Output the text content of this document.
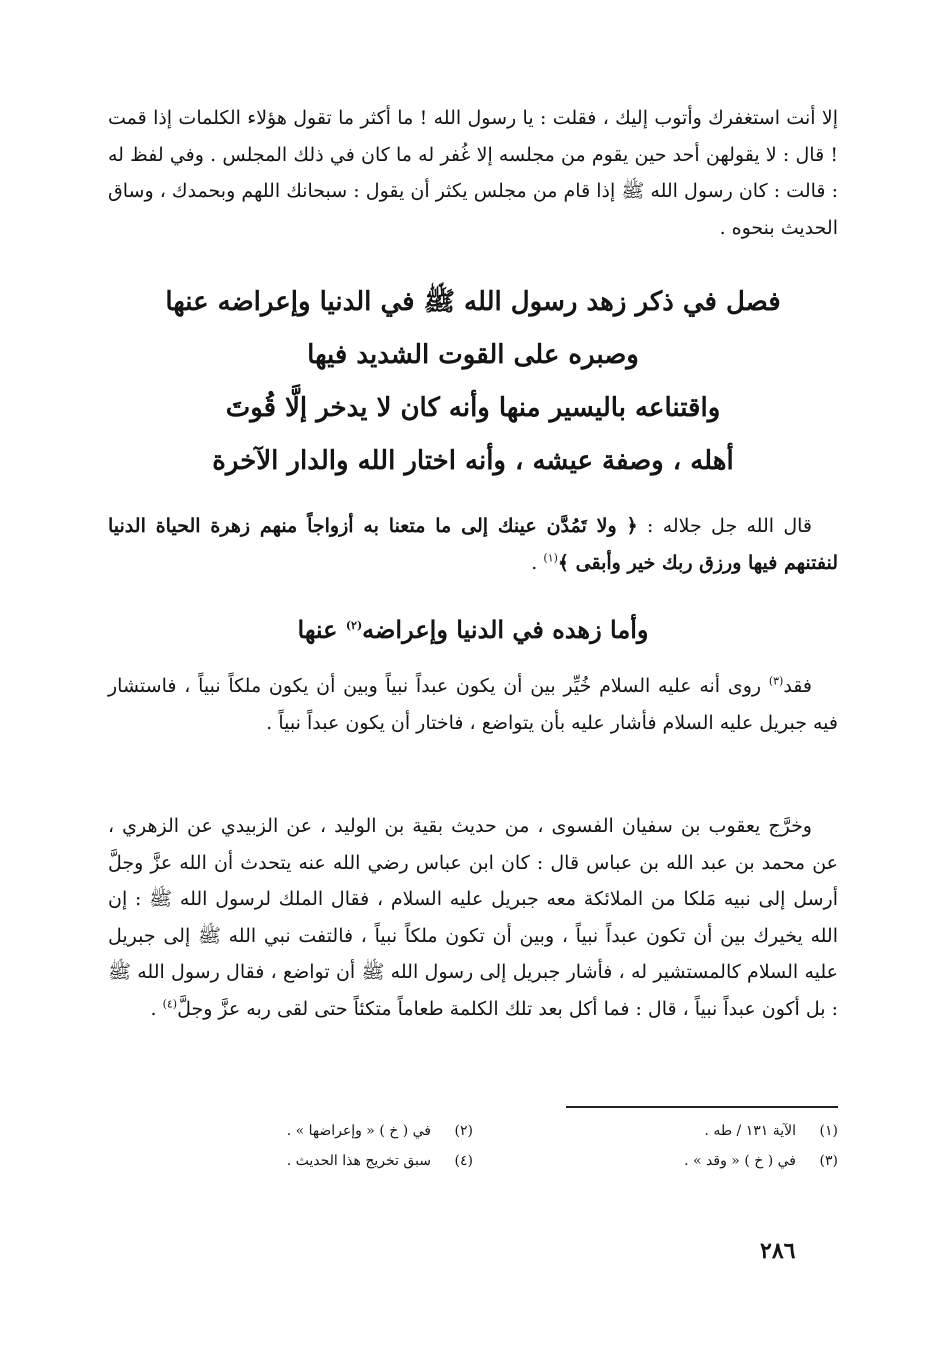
إلا أنت استغفرك وأتوب إليك ، فقلت : يا رسول الله ! ما أكثر ما تقول هؤلاء الكلمات إذا قمت ! قال : لا يقولهن أحد حين يقوم من مجلسه إلا غُفر له ما كان في ذلك المجلس . وفي لفظ له : قالت : كان رسول الله ﷺ إذا قام من مجلس يكثر أن يقول : سبحانك اللهم وبحمدك ، وساق الحديث بنحوه .

فصل في ذكر زهد رسول الله ﷺ في الدنيا وإعراضه عنها
وصبره على القوت الشديد فيها
واقتناعه باليسير منها وأنه كان لا يدخر إلَّا قُوتَ
أهله ، وصفة عيشه ، وأنه اختار الله والدار الآخرة

قال الله جل جلاله : ﴿ ولا تَمُدَّن عينك إلى ما متعنا به أزواجاً منهم زهرة الحياة الدنيا لنفتنهم فيها ورزق ربك خير وأبقى ﴾$^{(١)}$ .

وأما زهده في الدنيا وإعراضه$^{(٢)}$ عنها

فقد$^{(٣)}$ روى أنه عليه السلام خُيِّر بين أن يكون عبداً نبياً وبين أن يكون ملكاً نبياً ، فاستشار فيه جبريل عليه السلام فأشار عليه بأن يتواضع ، فاختار أن يكون عبداً نبياً .

وخرَّج يعقوب بن سفيان الفسوى ، من حديث بقية بن الوليد ، عن الزبيدي عن الزهري ، عن محمد بن عبد الله بن عباس قال : كان ابن عباس رضي الله عنه يتحدث أن الله عزَّ وجلَّ أرسل إلى نبيه مَلكا من الملائكة معه جبريل عليه السلام ، فقال الملك لرسول الله ﷺ : إن الله يخيرك بين أن تكون عبداً نبياً ، وبين أن تكون ملكاً نبياً ، فالتفت نبي الله ﷺ إلى جبريل عليه السلام كالمستشير له ، فأشار جبريل إلى رسول الله ﷺ أن تواضع ، فقال رسول الله ﷺ : بل أكون عبداً نبياً ، قال : فما أكل بعد تلك الكلمة طعاماً متكئاً حتى لقى ربه عزَّ وجلَّ$^{(٤)}$ .

(١)الآية ١٣١ / طه .
(٢)في ( خ ) « وإعراضها » .
(٣)في ( خ ) « وقد » .
(٤)سبق تخريج هذا الحديث .
٢٨٦
